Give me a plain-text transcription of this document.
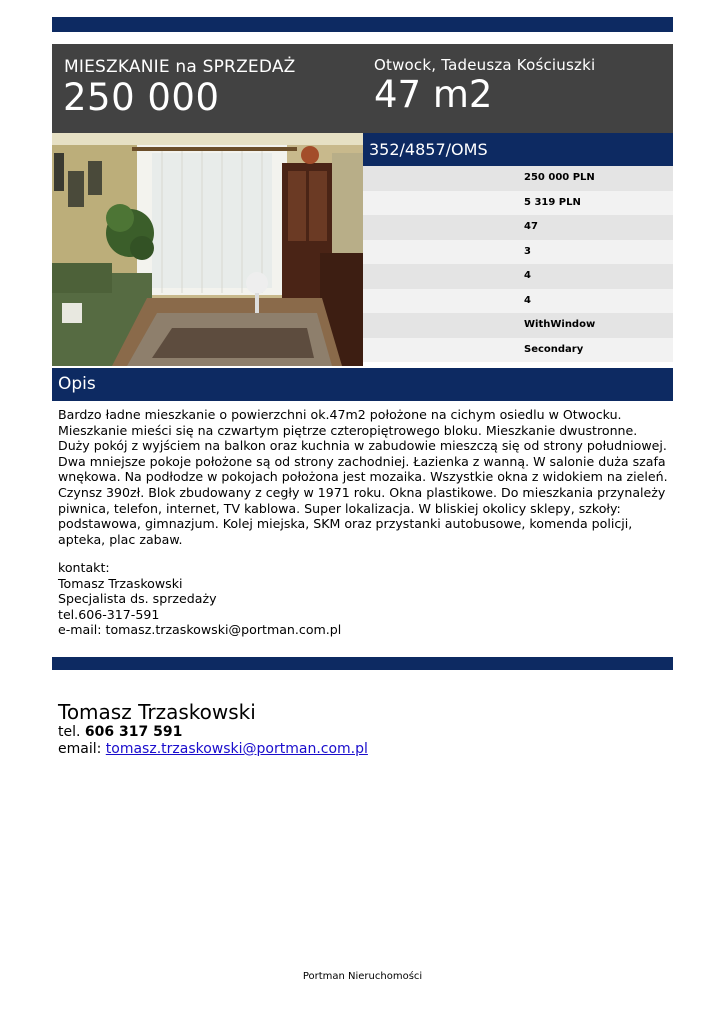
MIESZKANIE na SPRZEDAŻ
250 000
Otwock, Tadeusza Kościuszki
47 m2
352/4857/OMS
250 000 PLN
5 319 PLN
47
3
4
4
WithWindow
Secondary
Opis
Bardzo ładne mieszkanie o powierzchni ok.47m2 położone na cichym osiedlu w Otwocku. Mieszkanie mieści się na czwartym piętrze czteropiętrowego bloku. Mieszkanie dwustronne. Duży pokój z wyjściem na balkon oraz kuchnia w zabudowie mieszczą się od strony południowej. Dwa mniejsze pokoje położone są od strony zachodniej. Łazienka z wanną. W salonie duża szafa wnękowa. Na podłodze w pokojach położona jest mozaika. Wszystkie okna z widokiem na zieleń. Czynsz 390zł. Blok zbudowany z cegły w 1971 roku. Okna plastikowe. Do mieszkania przynależy piwnica, telefon, internet, TV kablowa. Super lokalizacja. W bliskiej okolicy sklepy, szkoły: podstawowa, gimnazjum. Kolej miejska, SKM oraz przystanki autobusowe, komenda policji, apteka, plac zabaw.
kontakt:
Tomasz Trzaskowski
Specjalista ds. sprzedaży
tel.606-317-591
e-mail: tomasz.trzaskowski@portman.com.pl
Tomasz Trzaskowski
tel. 606 317 591
email: tomasz.trzaskowski@portman.com.pl
Portman Nieruchomości
